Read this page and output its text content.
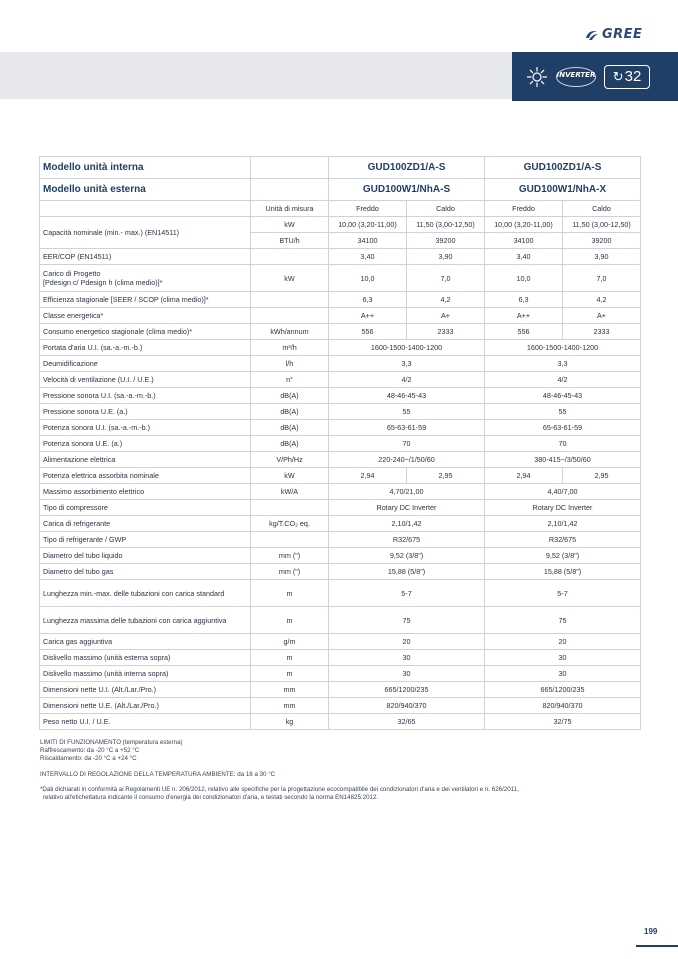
GREE
INVERTER ↻ 32
Modello unità interna		GUD100ZD1/A-S		GUD100ZD1/A-S	
Modello unità esterna		GUD100W1/NhA-S		GUD100W1/NhA-X	
	Unità di misura	Freddo	Caldo	Freddo	Caldo
Capacità nominale (min.- max.) (EN14511)	kW	10,00 (3,20-11,00)	11,50 (3,00-12,50)	10,00 (3,20-11,00)	11,50 (3,00-12,50)
	BTU/h	34100	39200	34100	39200
EER/COP (EN14511)		3,40	3,90	3,40	3,90
Carico di Progetto
[Pdesign c/ Pdesign h (clima medio)]*	kW	10,0	7,0	10,0	7,0
Efficienza stagionale [SEER / SCOP (clima medio)]*		6,3	4,2	6,3	4,2
Classe energetica*		A++	A+	A++	A+
Consumo energetico stagionale (clima medio)*	kWh/annum	556	2333	556	2333
Portata d'aria U.I. (sa.-a.-m.-b.)	m³/h	1600-1500-1400-1200		1600-1500-1400-1200	
Deumidificazione	l/h	3,3		3,3	
Velocità di ventilazione (U.I. / U.E.)	n°	4/2		4/2	
Pressione sonora U.I. (sa.-a.-m.-b.)	dB(A)	48-46-45-43		48-46-45-43	
Pressione sonora U.E. (a.)	dB(A)	55		55	
Potenza sonora U.I. (sa.-a.-m.-b.)	dB(A)	65-63-61-59		65-63-61-59	
Potenza sonora U.E. (a.)	dB(A)	70		70	
Alimentazione elettrica	V/Ph/Hz	220-240~/1/50/60		380-415~/3/50/60	
Potenza elettrica assorbita nominale	kW	2,94	2,95	2,94	2,95
Massimo assorbimento elettrico	kW/A	4,70/21,00		4,40/7,00	
Tipo di compressore		Rotary DC Inverter		Rotary DC Inverter	
Carica di refrigerante	kg/T.CO₂ eq.	2,10/1,42		2,10/1,42	
Tipo di refrigerante / GWP		R32/675		R32/675	
Diametro del tubo liquido	mm (")	9,52 (3/8")		9,52 (3/8")	
Diametro del tubo gas	mm (")	15,88 (5/8")		15,88 (5/8")	
Lunghezza min.-max. delle tubazioni con carica standard	m	5-7		5-7	
Lunghezza massima delle tubazioni con carica aggiuntiva	m	75		75	
Carica gas aggiuntiva	g/m	20		20	
Dislivello massimo (unità esterna sopra)	m	30		30	
Dislivello massimo (unità interna sopra)	m	30		30	
Dimensioni nette U.I. (Alt./Lar./Pro.)	mm	665/1200/235		665/1200/235	
Dimensioni nette U.E. (Alt./Lar./Pro.)	mm	820/940/370		820/940/370	
Peso netto U.I. / U.E.	kg	32/65		32/75	

LIMITI DI FUNZIONAMENTO (temperatura esterna)

Raffrescamento: da -20 °C a +52 °C

Riscaldamento: da -20 °C a +24 °C

INTERVALLO DI REGOLAZIONE DELLA TEMPERATURA AMBIENTE: da 16 a 30 °C

*Dati dichiarati in conformità ai Regolamenti UE n. 206/2012, relativo alle specifiche per la progettazione ecocompatibile dei condizionatori d'aria e dei ventilatori e n. 626/2011,

relativo all'etichettatura indicante il consumo d'energia dei condizionatori d'aria, e testati secondo la norma EN14825:2012.

199
